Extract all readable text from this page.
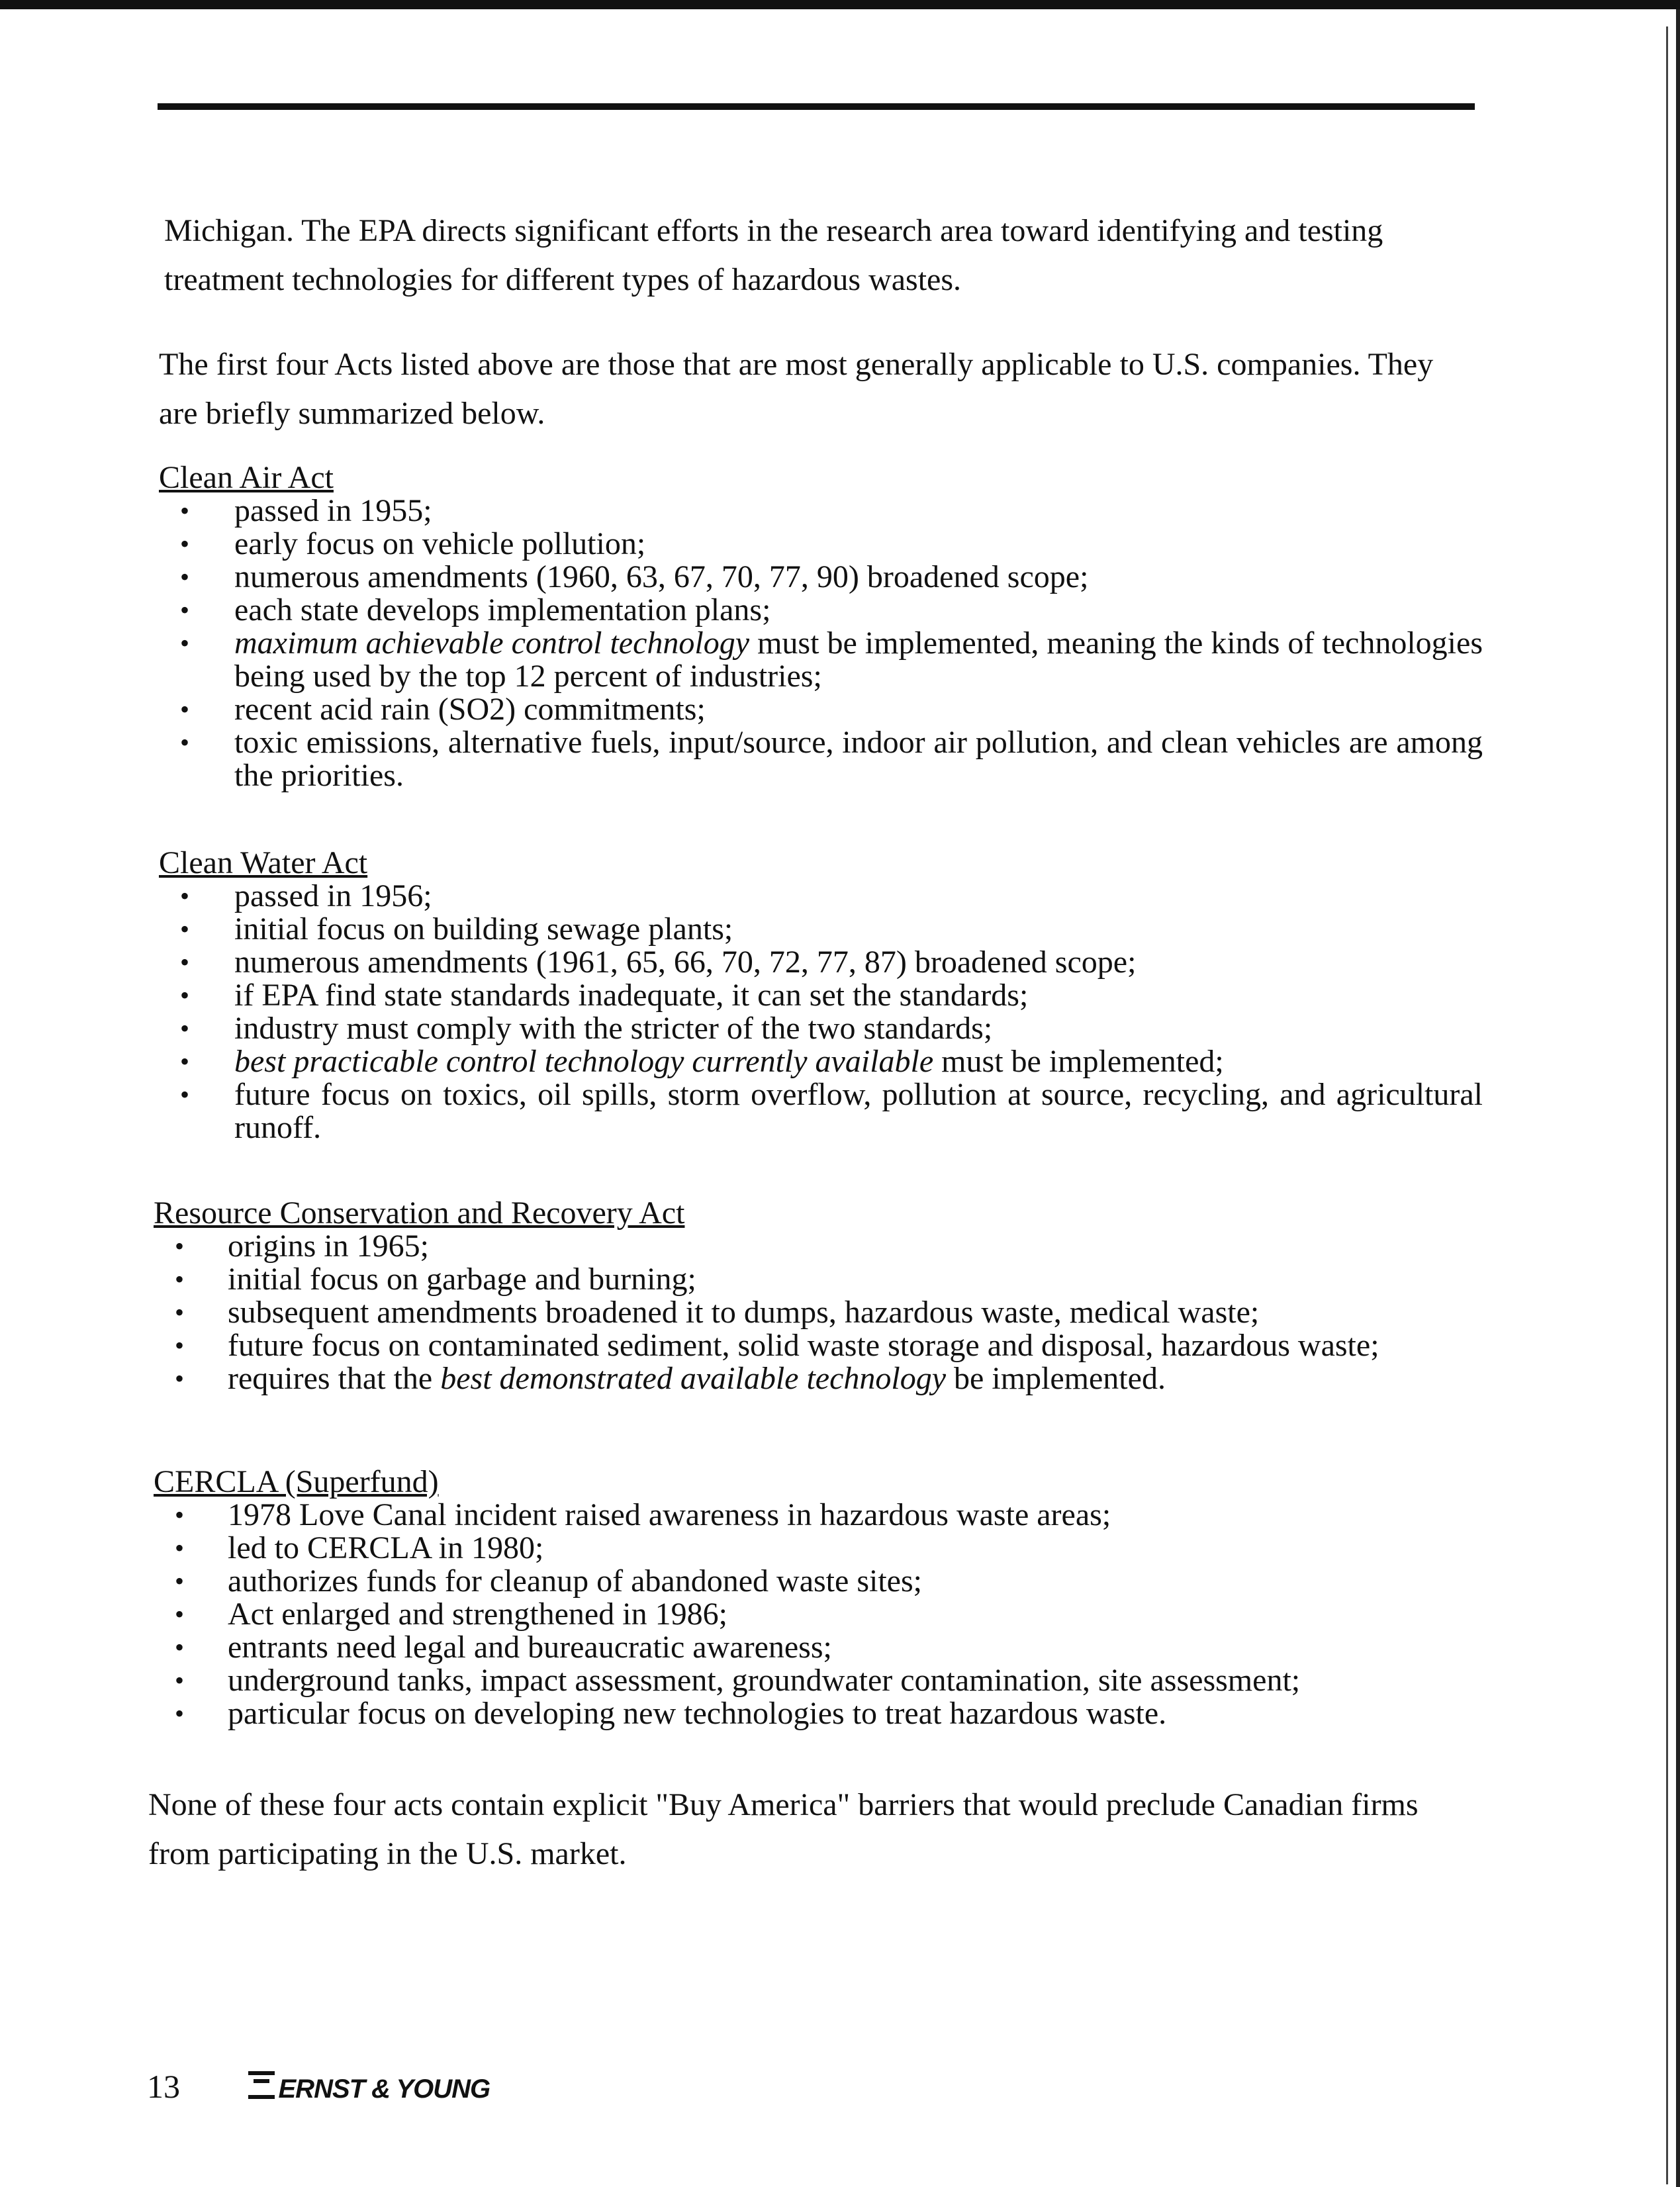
Michigan. The EPA directs significant efforts in the research area toward identifying and testing treatment technologies for different types of hazardous wastes.

The first four Acts listed above are those that are most generally applicable to U.S. companies. They are briefly summarized below.

Clean Air Act
• passed in 1955;
• early focus on vehicle pollution;
• numerous amendments (1960, 63, 67, 70, 77, 90) broadened scope;
• each state develops implementation plans;
• maximum achievable control technology must be implemented, meaning the kinds of technologies being used by the top 12 percent of industries;
• recent acid rain (SO2) commitments;
• toxic emissions, alternative fuels, input/source, indoor air pollution, and clean vehicles are among the priorities.
Clean Water Act
• passed in 1956;
• initial focus on building sewage plants;
• numerous amendments (1961, 65, 66, 70, 72, 77, 87) broadened scope;
• if EPA find state standards inadequate, it can set the standards;
• industry must comply with the stricter of the two standards;
• best practicable control technology currently available must be implemented;
• future focus on toxics, oil spills, storm overflow, pollution at source, recycling, and agricultural runoff.
Resource Conservation and Recovery Act
• origins in 1965;
• initial focus on garbage and burning;
• subsequent amendments broadened it to dumps, hazardous waste, medical waste;
• future focus on contaminated sediment, solid waste storage and disposal, hazardous waste;
• requires that the best demonstrated available technology be implemented.
CERCLA (Superfund)
• 1978 Love Canal incident raised awareness in hazardous waste areas;
• led to CERCLA in 1980;
• authorizes funds for cleanup of abandoned waste sites;
• Act enlarged and strengthened in 1986;
• entrants need legal and bureaucratic awareness;
• underground tanks, impact assessment, groundwater contamination, site assessment;
• particular focus on developing new technologies to treat hazardous waste.

None of these four acts contain explicit "Buy America" barriers that would preclude Canadian firms from participating in the U.S. market.

13	ERNST & YOUNG
